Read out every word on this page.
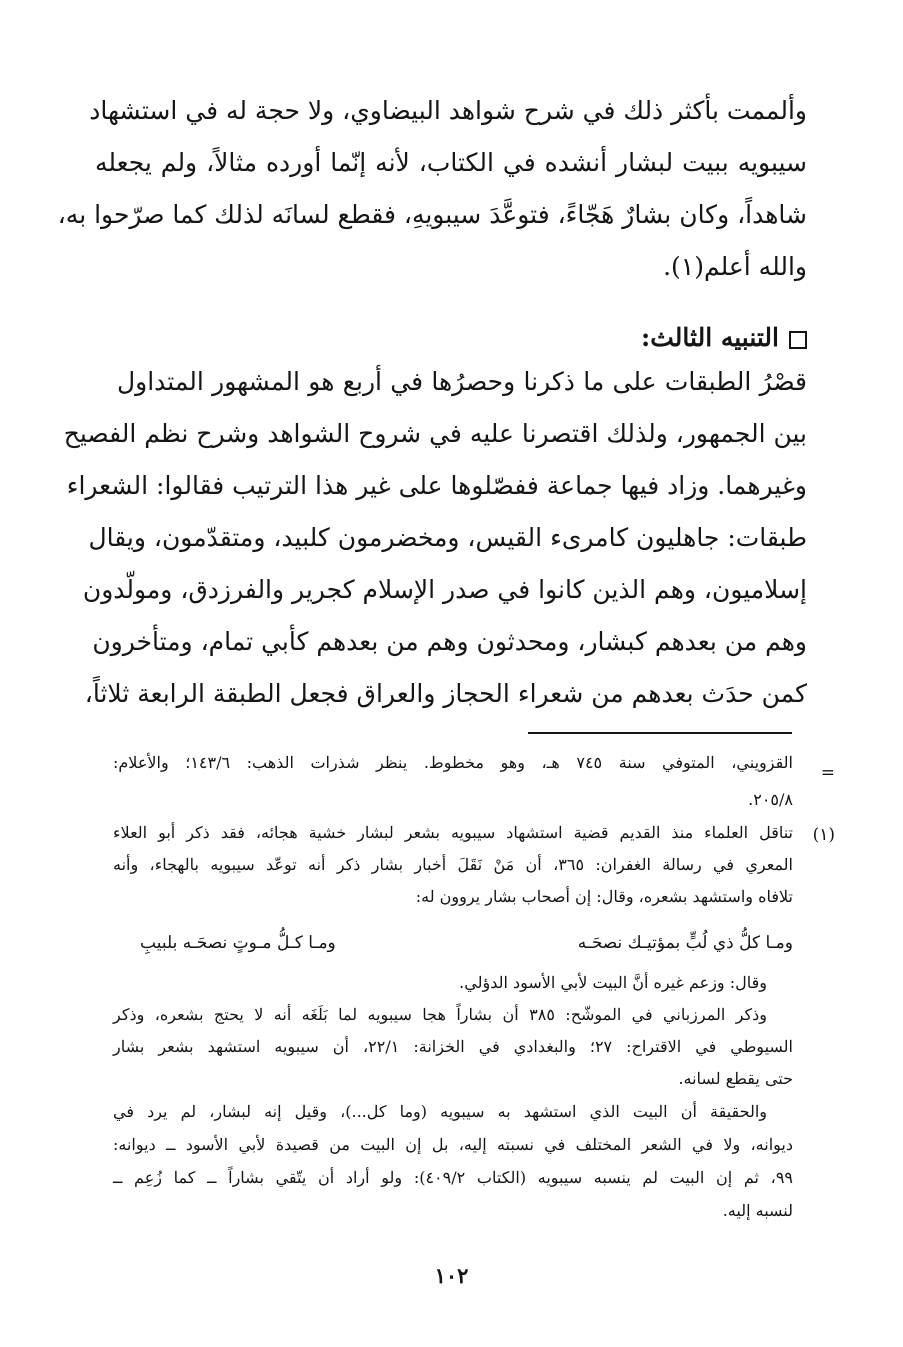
وألممت بأكثر ذلك في شرح شواهد البيضاوي، ولا حجة له في استشهاد
سيبويه ببيت لبشار أنشده في الكتاب، لأنه إنّما أورده مثالاً، ولم يجعله
شاهداً، وكان بشارٌ هَجّاءً، فتوعَّدَ سيبويهِ، فقطع لسانَه لذلك كما صرّحوا به،
والله أعلم(١).
التنبيه الثالث:
قصْرُ الطبقات على ما ذكرنا وحصرُها في أربع هو المشهور المتداول
بين الجمهور، ولذلك اقتصرنا عليه في شروح الشواهد وشرح نظم الفصيح
وغيرهما. وزاد فيها جماعة ففصّلوها على غير هذا الترتيب فقالوا: الشعراء
طبقات: جاهليون كامرىء القيس، ومخضرمون كلبيد، ومتقدّمون، ويقال
إسلاميون، وهم الذين كانوا في صدر الإسلام كجرير والفرزدق، ومولّدون
وهم من بعدهم كبشار، ومحدثون وهم من بعدهم كأبي تمام، ومتأخرون
كمن حدَث بعدهم من شعراء الحجاز والعراق فجعل الطبقة الرابعة ثلاثاً،
=
القزويني، المتوفي سنة ٧٤٥ هـ، وهو مخطوط. ينظر شذرات الذهب: ١٤٣/٦؛ والأعلام:
٢٠٥/٨.
(١)
تناقل العلماء منذ القديم قضية استشهاد سيبويه بشعر لبشار خشية هجائه، فقد ذكر أبو العلاء
المعري في رسالة الغفران: ٣٦٥، أن مَنْ نَقَلَ أخبار بشار ذكر أنه توعّد سيبويه بالهجاء، وأنه
تلافاه واستشهد بشعره، وقال: إن أصحاب بشار يروون له:
ومـا كلُّ ذي لُبٍّ بمؤتيـك نصحَـه
ومـا كـلُّ مـوتٍ نصحَـه بلبيبِ
وقال: وزعم غيره أنَّ البيت لأبي الأسود الدؤلي.
وذكر المرزباني في الموشّح: ٣٨٥ أن بشاراً هجا سيبويه لما بَلَغَه أنه لا يحتج بشعره، وذكر
السيوطي في الاقتراح: ٢٧؛ والبغدادي في الخزانة: ٢٢/١، أن سيبويه استشهد بشعر بشار
حتى يقطع لسانه.
والحقيقة أن البيت الذي استشهد به سيبويه (وما كل...)، وقيل إنه لبشار، لم يرد في
ديوانه، ولا في الشعر المختلف في نسبته إليه، بل إن البيت من قصيدة لأبي الأسود ــ ديوانه:
٩٩، ثم إن البيت لم ينسبه سيبويه (الكتاب ٤٠٩/٢): ولو أراد أن يتّقي بشاراً ــ كما زُعِم ــ
لنسبه إليه.
١٠٢
